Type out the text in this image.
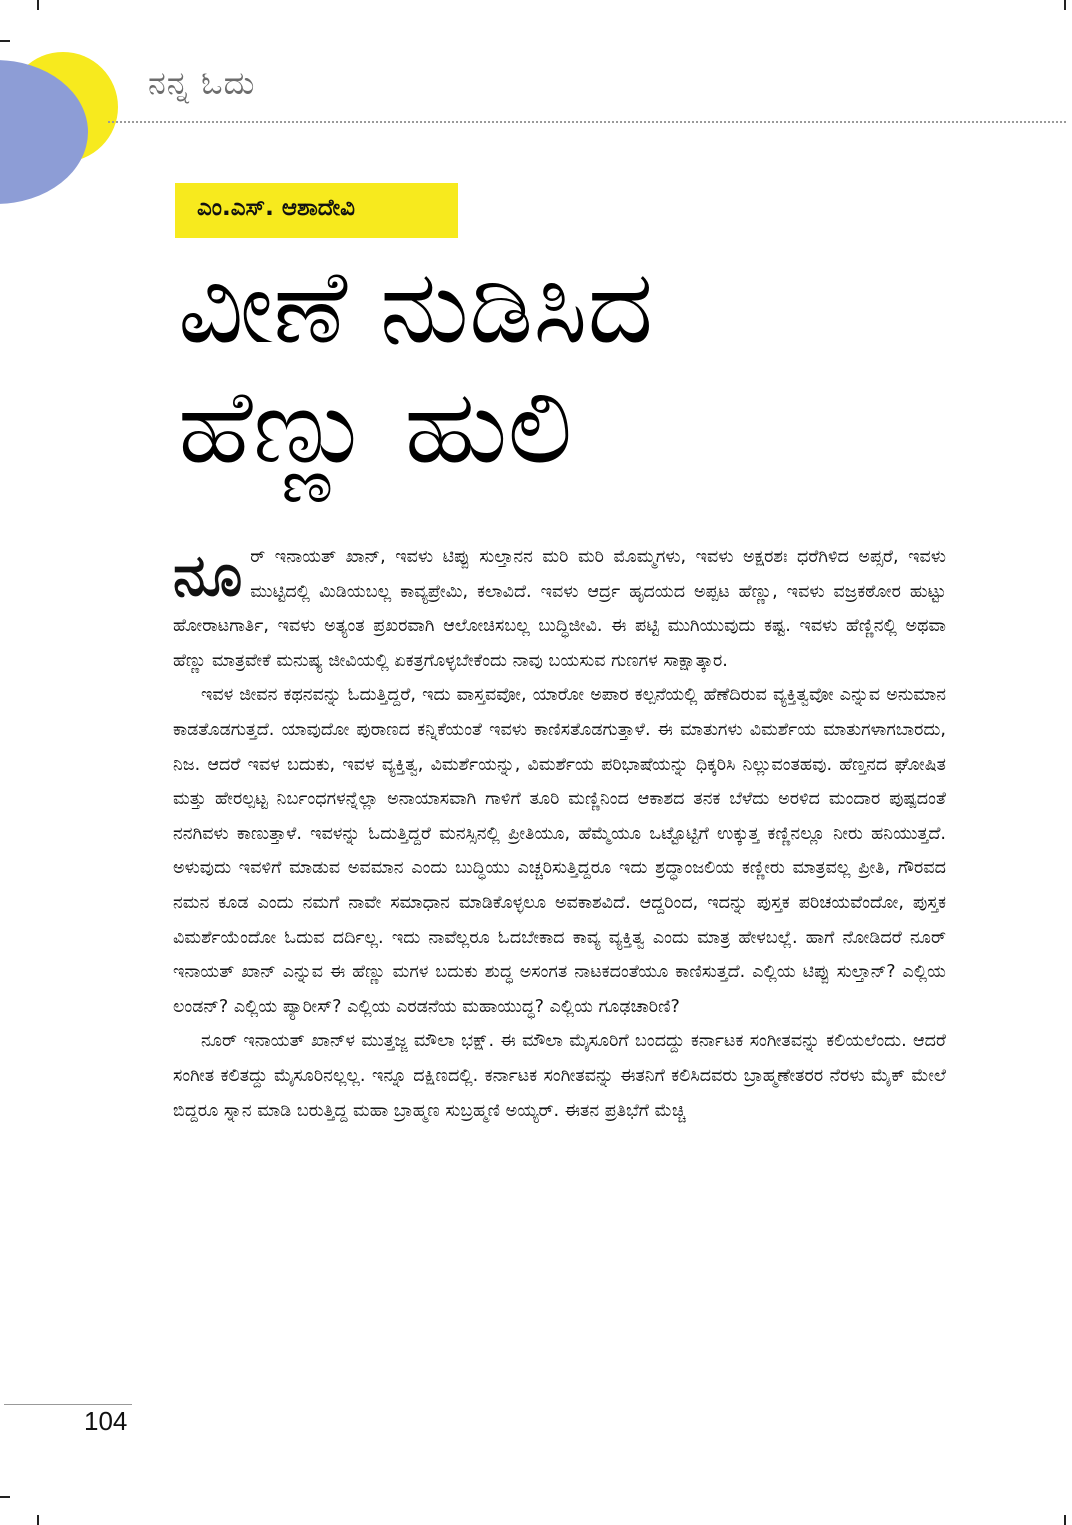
ನನ್ನ ಓದು
ಎಂ.ಎಸ್. ಆಶಾದೇವಿ
ವೀಣೆ ನುಡಿಸಿದ
ಹೆಣ್ಣು ಹುಲಿ

ನೂರ್ ಇನಾಯತ್ ಖಾನ್, ಇವಳು ಟಿಪ್ಪು ಸುಲ್ತಾನನ ಮರಿ ಮರಿ ಮೊಮ್ಮಗಳು, ಇವಳು ಅಕ್ಷರಶಃ ಧರೆಗಿಳಿದ ಅಪ್ಸರೆ, ಇವಳು ಮುಟ್ಟಿದಲ್ಲಿ ಮಿಡಿಯಬಲ್ಲ ಕಾವ್ಯಪ್ರೇಮಿ, ಕಲಾವಿದೆ. ಇವಳು ಆರ್ದ್ರ ಹೃದಯದ ಅಪ್ಪಟ ಹೆಣ್ಣು, ಇವಳು ವಜ್ರಕಠೋರ ಹುಟ್ಟು ಹೋರಾಟಗಾರ್ತಿ, ಇವಳು ಅತ್ಯಂತ ಪ್ರಖರವಾಗಿ ಆಲೋಚಿಸಬಲ್ಲ ಬುದ್ಧಿಜೀವಿ. ಈ ಪಟ್ಟಿ ಮುಗಿಯುವುದು ಕಷ್ಟ. ಇವಳು ಹೆಣ್ಣಿನಲ್ಲಿ ಅಥವಾ ಹೆಣ್ಣು ಮಾತ್ರವೇಕೆ ಮನುಷ್ಯ ಜೀವಿಯಲ್ಲಿ ಏಕತ್ರಗೊಳ್ಳಬೇಕೆಂದು ನಾವು ಬಯಸುವ ಗುಣಗಳ ಸಾಕ್ಷಾತ್ಕಾರ.

ಇವಳ ಜೀವನ ಕಥನವನ್ನು ಓದುತ್ತಿದ್ದರೆ, ಇದು ವಾಸ್ತವವೋ, ಯಾರೋ ಅಪಾರ ಕಲ್ಪನೆಯಲ್ಲಿ ಹೆಣೆದಿರುವ ವ್ಯಕ್ತಿತ್ವವೋ ಎನ್ನುವ ಅನುಮಾನ ಕಾಡತೊಡಗುತ್ತದೆ. ಯಾವುದೋ ಪುರಾಣದ ಕನ್ನಿಕೆಯಂತೆ ಇವಳು ಕಾಣಿಸತೊಡಗುತ್ತಾಳೆ. ಈ ಮಾತುಗಳು ವಿಮರ್ಶೆಯ ಮಾತುಗಳಾಗಬಾರದು, ನಿಜ. ಆದರೆ ಇವಳ ಬದುಕು, ಇವಳ ವ್ಯಕ್ತಿತ್ವ, ವಿಮರ್ಶೆಯನ್ನು, ವಿಮರ್ಶೆಯ ಪರಿಭಾಷೆಯನ್ನು ಧಿಕ್ಕರಿಸಿ ನಿಲ್ಲುವಂತಹವು. ಹೆಣ್ತನದ ಘೋಷಿತ ಮತ್ತು ಹೇರಲ್ಪಟ್ಟ ನಿರ್ಬಂಧಗಳನ್ನೆಲ್ಲಾ ಅನಾಯಾಸವಾಗಿ ಗಾಳಿಗೆ ತೂರಿ ಮಣ್ಣಿನಿಂದ ಆಕಾಶದ ತನಕ ಬೆಳೆದು ಅರಳಿದ ಮಂದಾರ ಪುಷ್ಪದಂತೆ ನನಗಿವಳು ಕಾಣುತ್ತಾಳೆ. ಇವಳನ್ನು ಓದುತ್ತಿದ್ದರೆ ಮನಸ್ಸಿನಲ್ಲಿ ಪ್ರೀತಿಯೂ, ಹೆಮ್ಮೆಯೂ ಒಟ್ಟೊಟ್ಟಿಗೆ ಉಕ್ಕುತ್ತ ಕಣ್ಣಿನಲ್ಲೂ ನೀರು ಹನಿಯುತ್ತದೆ. ಅಳುವುದು ಇವಳಿಗೆ ಮಾಡುವ ಅವಮಾನ ಎಂದು ಬುದ್ಧಿಯು ಎಚ್ಚರಿಸುತ್ತಿದ್ದರೂ ಇದು ಶ್ರದ್ಧಾಂಜಲಿಯ ಕಣ್ಣೀರು ಮಾತ್ರವಲ್ಲ ಪ್ರೀತಿ, ಗೌರವದ ನಮನ ಕೂಡ ಎಂದು ನಮಗೆ ನಾವೇ ಸಮಾಧಾನ ಮಾಡಿಕೊಳ್ಳಲೂ ಅವಕಾಶವಿದೆ. ಆದ್ದರಿಂದ, ಇದನ್ನು ಪುಸ್ತಕ ಪರಿಚಯವೆಂದೋ, ಪುಸ್ತಕ ವಿಮರ್ಶೆಯೆಂದೋ ಓದುವ ದರ್ದಿಲ್ಲ. ಇದು ನಾವೆಲ್ಲರೂ ಓದಬೇಕಾದ ಕಾವ್ಯ ವ್ಯಕ್ತಿತ್ವ ಎಂದು ಮಾತ್ರ ಹೇಳಬಲ್ಲೆ. ಹಾಗೆ ನೋಡಿದರೆ ನೂರ್ ಇನಾಯತ್ ಖಾನ್ ಎನ್ನುವ ಈ ಹೆಣ್ಣು ಮಗಳ ಬದುಕು ಶುದ್ಧ ಅಸಂಗತ ನಾಟಕದಂತೆಯೂ ಕಾಣಿಸುತ್ತದೆ. ಎಲ್ಲಿಯ ಟಿಪ್ಪು ಸುಲ್ತಾನ್? ಎಲ್ಲಿಯ ಲಂಡನ್? ಎಲ್ಲಿಯ ಪ್ಯಾರೀಸ್? ಎಲ್ಲಿಯ ಎರಡನೆಯ ಮಹಾಯುದ್ಧ? ಎಲ್ಲಿಯ ಗೂಢಚಾರಿಣಿ?

ನೂರ್ ಇನಾಯತ್ ಖಾನ್‌ಳ ಮುತ್ತಜ್ಜ ಮೌಲಾ ಭಕ್ಷ್. ಈ ಮೌಲಾ ಮೈಸೂರಿಗೆ ಬಂದದ್ದು ಕರ್ನಾಟಕ ಸಂಗೀತವನ್ನು ಕಲಿಯಲೆಂದು. ಆದರೆ ಸಂಗೀತ ಕಲಿತದ್ದು ಮೈಸೂರಿನಲ್ಲಲ್ಲ. ಇನ್ನೂ ದಕ್ಷಿಣದಲ್ಲಿ. ಕರ್ನಾಟಕ ಸಂಗೀತವನ್ನು ಈತನಿಗೆ ಕಲಿಸಿದವರು ಬ್ರಾಹ್ಮಣೇತರರ ನೆರಳು ಮೈಕ್ ಮೇಲೆ ಬಿದ್ದರೂ ಸ್ನಾನ ಮಾಡಿ ಬರುತ್ತಿದ್ದ ಮಹಾ ಬ್ರಾಹ್ಮಣ ಸುಬ್ರಹ್ಮಣಿ ಅಯ್ಯರ್. ಈತನ ಪ್ರತಿಭೆಗೆ ಮೆಚ್ಚಿ

104
